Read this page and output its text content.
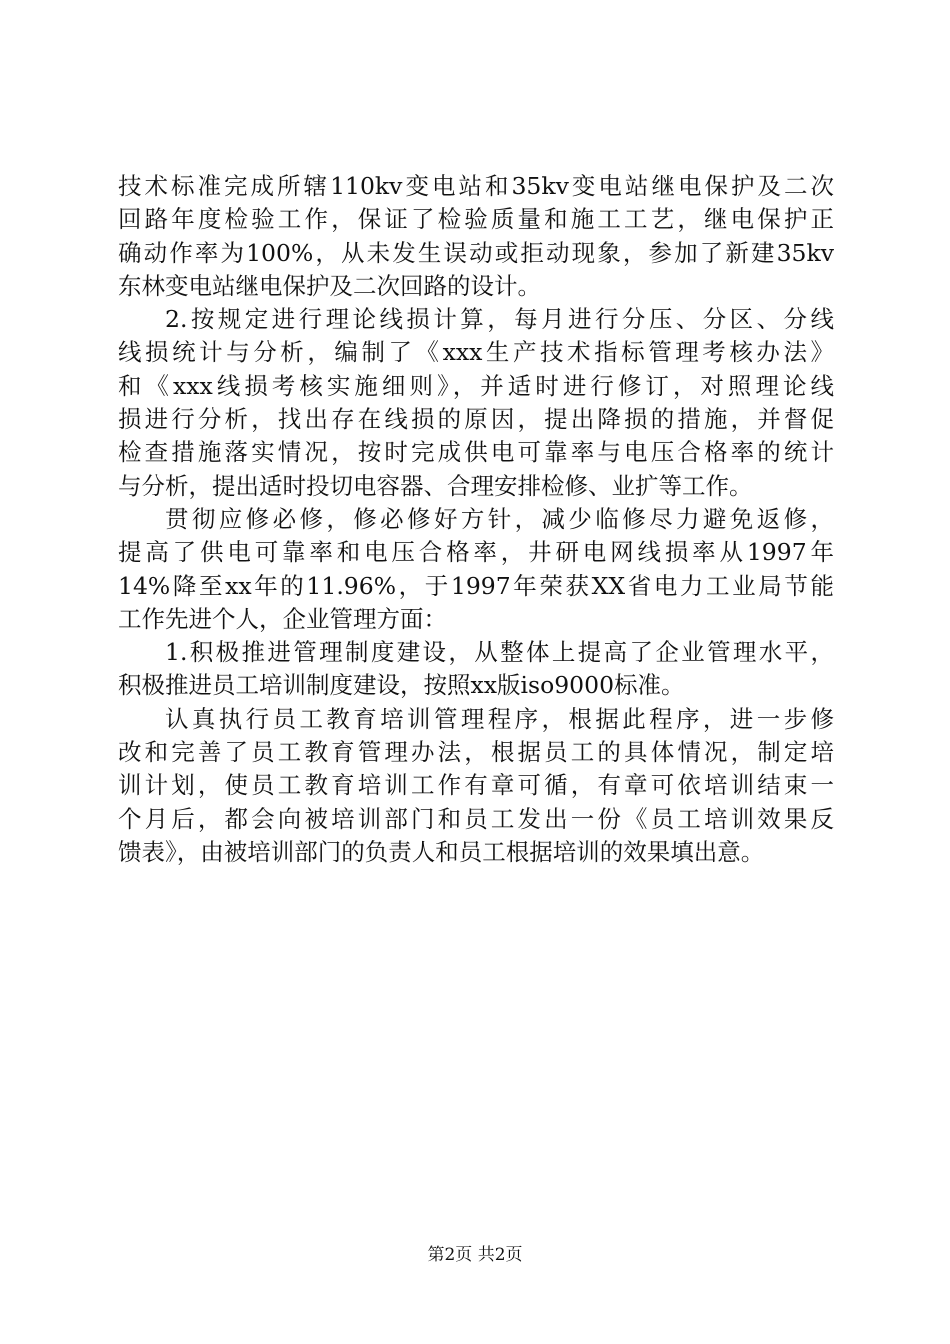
技术标准完成所辖110kv变电站和35kv变电站继电保护及二次
回路年度检验工作，保证了检验质量和施工工艺，继电保护正
确动作率为100%，从未发生误动或拒动现象，参加了新建35kv
东林变电站继电保护及二次回路的设计。
2.按规定进行理论线损计算，每月进行分压、分区、分线
线损统计与分析，编制了《xxx生产技术指标管理考核办法》
和《xxx线损考核实施细则》，并适时进行修订，对照理论线
损进行分析，找出存在线损的原因，提出降损的措施，并督促
检查措施落实情况，按时完成供电可靠率与电压合格率的统计
与分析，提出适时投切电容器、合理安排检修、业扩等工作。
贯彻应修必修，修必修好方针，减少临修尽力避免返修，
提高了供电可靠率和电压合格率，井研电网线损率从1997年
14%降至xx年的11.96%，于1997年荣获XX省电力工业局节能
工作先进个人，企业管理方面：
1.积极推进管理制度建设，从整体上提高了企业管理水平，
积极推进员工培训制度建设，按照xx版iso9000标准。
认真执行员工教育培训管理程序，根据此程序，进一步修
改和完善了员工教育管理办法，根据员工的具体情况，制定培
训计划，使员工教育培训工作有章可循，有章可依培训结束一
个月后，都会向被培训部门和员工发出一份《员工培训效果反
馈表》，由被培训部门的负责人和员工根据培训的效果填出意。
第2页 共2页
